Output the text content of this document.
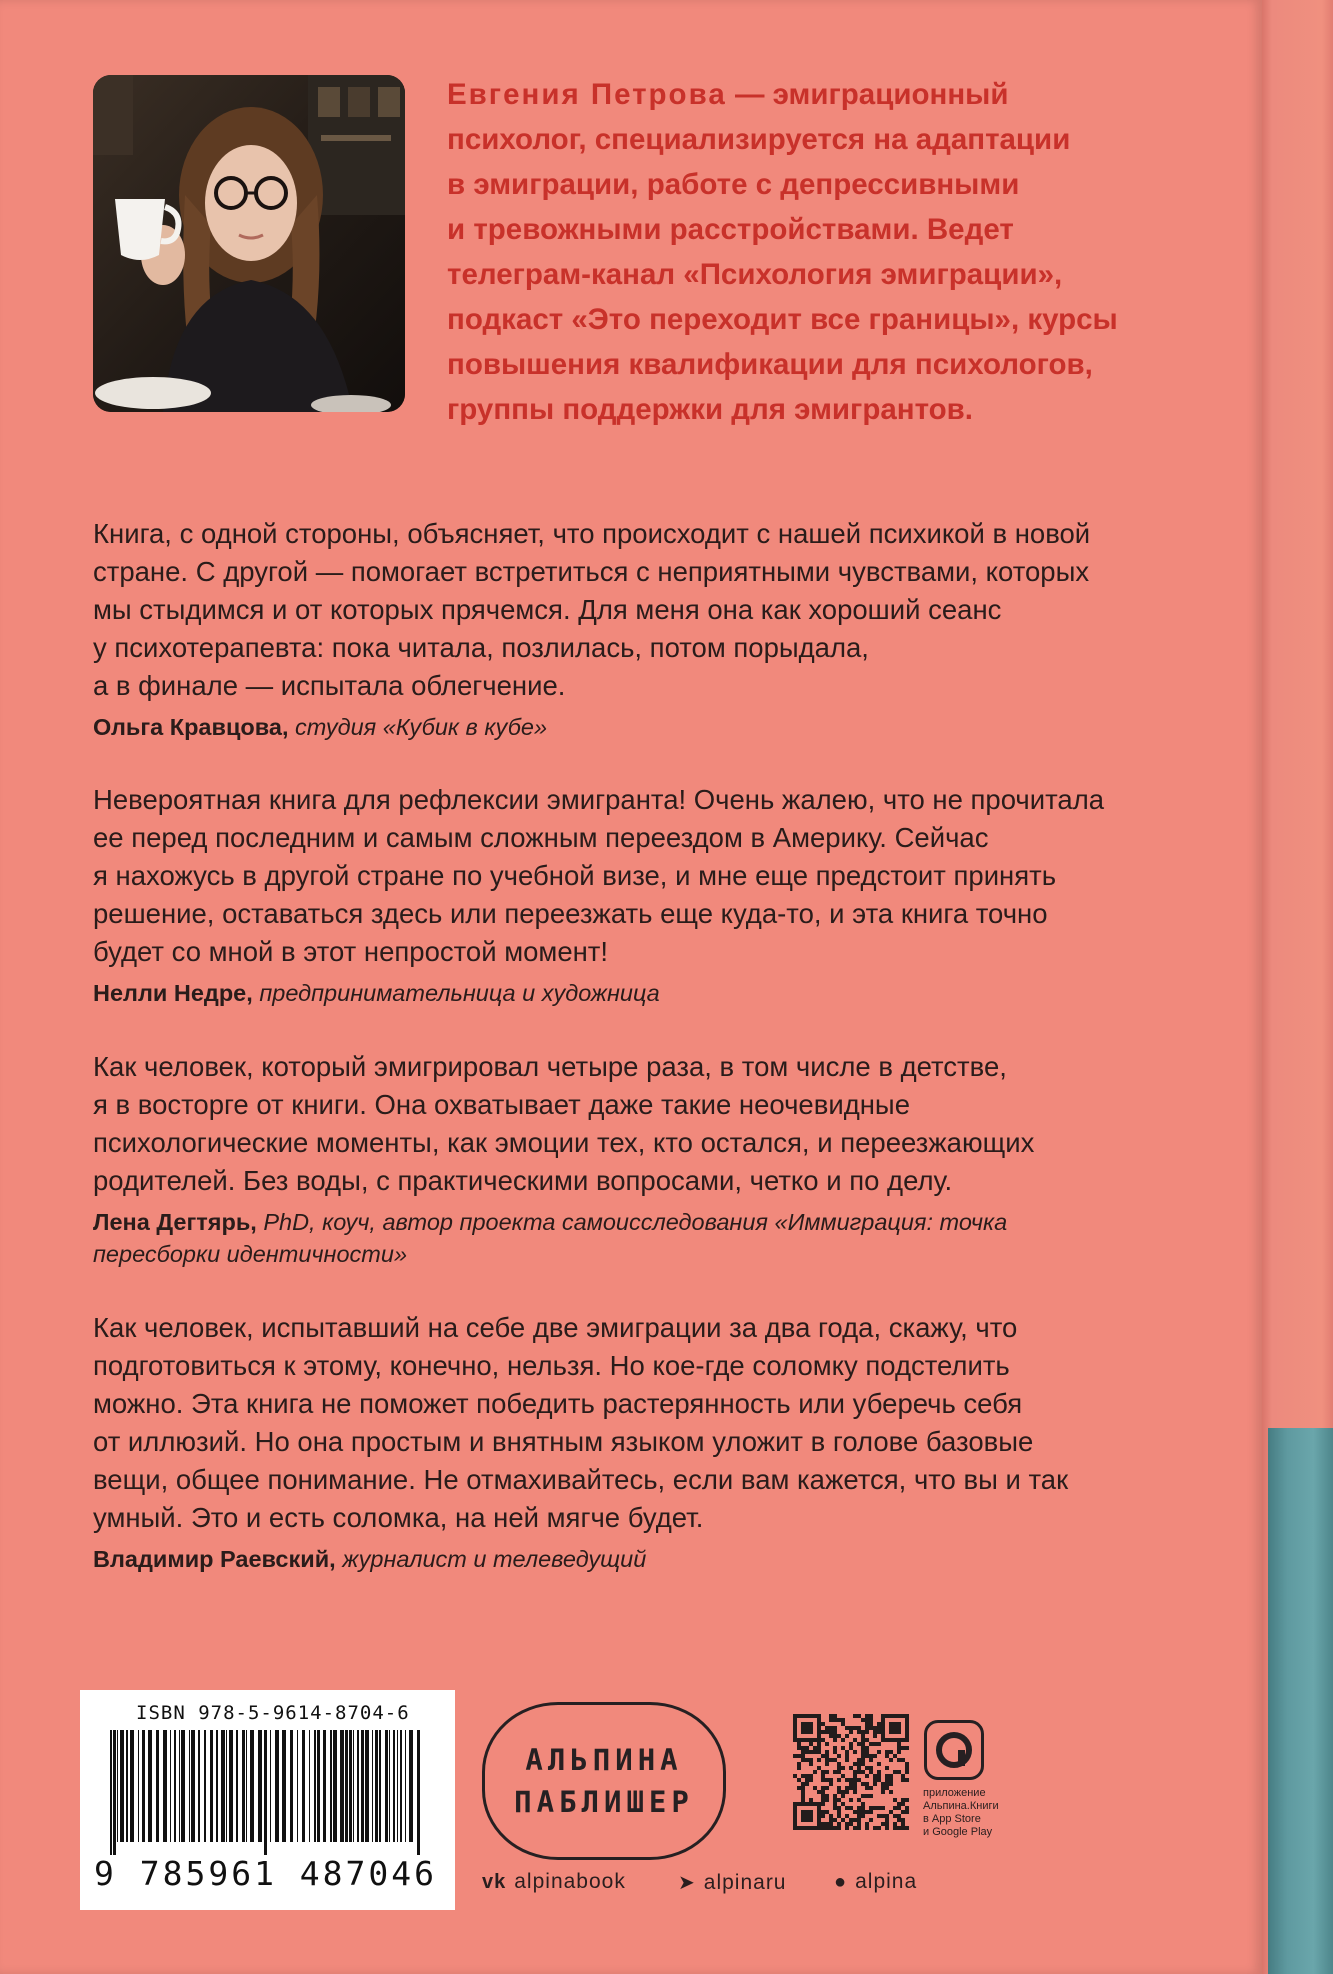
Евгения Петрова — эмиграционный
психолог, специализируется на адаптации
в эмиграции, работе с депрессивными
и тревожными расстройствами. Ведет
телеграм-канал «Психология эмиграции»,
подкаст «Это переходит все границы», курсы
повышения квалификации для психологов,
группы поддержки для эмигрантов.

Книга, с одной стороны, объясняет, что происходит с нашей психикой в новой
стране. С другой — помогает встретиться с неприятными чувствами, которых
мы стыдимся и от которых прячемся. Для меня она как хороший сеанс
у психотерапевта: пока читала, позлилась, потом порыдала,
а в финале — испытала облегчение.

Ольга Кравцова, студия «Кубик в кубе»

Невероятная книга для рефлексии эмигранта! Очень жалею, что не прочитала
ее перед последним и самым сложным переездом в Америку. Сейчас
я нахожусь в другой стране по учебной визе, и мне еще предстоит принять
решение, оставаться здесь или переезжать еще куда-то, и эта книга точно
будет со мной в этот непростой момент!

Нелли Недре, предпринимательница и художница

Как человек, который эмигрировал четыре раза, в том числе в детстве,
я в восторге от книги. Она охватывает даже такие неочевидные
психологические моменты, как эмоции тех, кто остался, и переезжающих
родителей. Без воды, с практическими вопросами, четко и по делу.

Лена Дегтярь, PhD, коуч, автор проекта самоисследования «Иммиграция: точка
пересборки идентичности»

Как человек, испытавший на себе две эмиграции за два года, скажу, что
подготовиться к этому, конечно, нельзя. Но кое-где соломку подстелить
можно. Эта книга не поможет победить растерянность или уберечь себя
от иллюзий. Но она простым и внятным языком уложит в голове базовые
вещи, общее понимание. Не отмахивайтесь, если вам кажется, что вы и так
умный. Это и есть соломка, на ней мягче будет.

Владимир Раевский, журналист и телеведущий
ISBN 978-5-9614-8704-6
9 785961 487046
АЛЬПИНА
ПАБЛИШЕР
vk alpinabook	➤ alpinaru ● alpina
приложение
Альпина.Книги
в App Store
и Google Play
